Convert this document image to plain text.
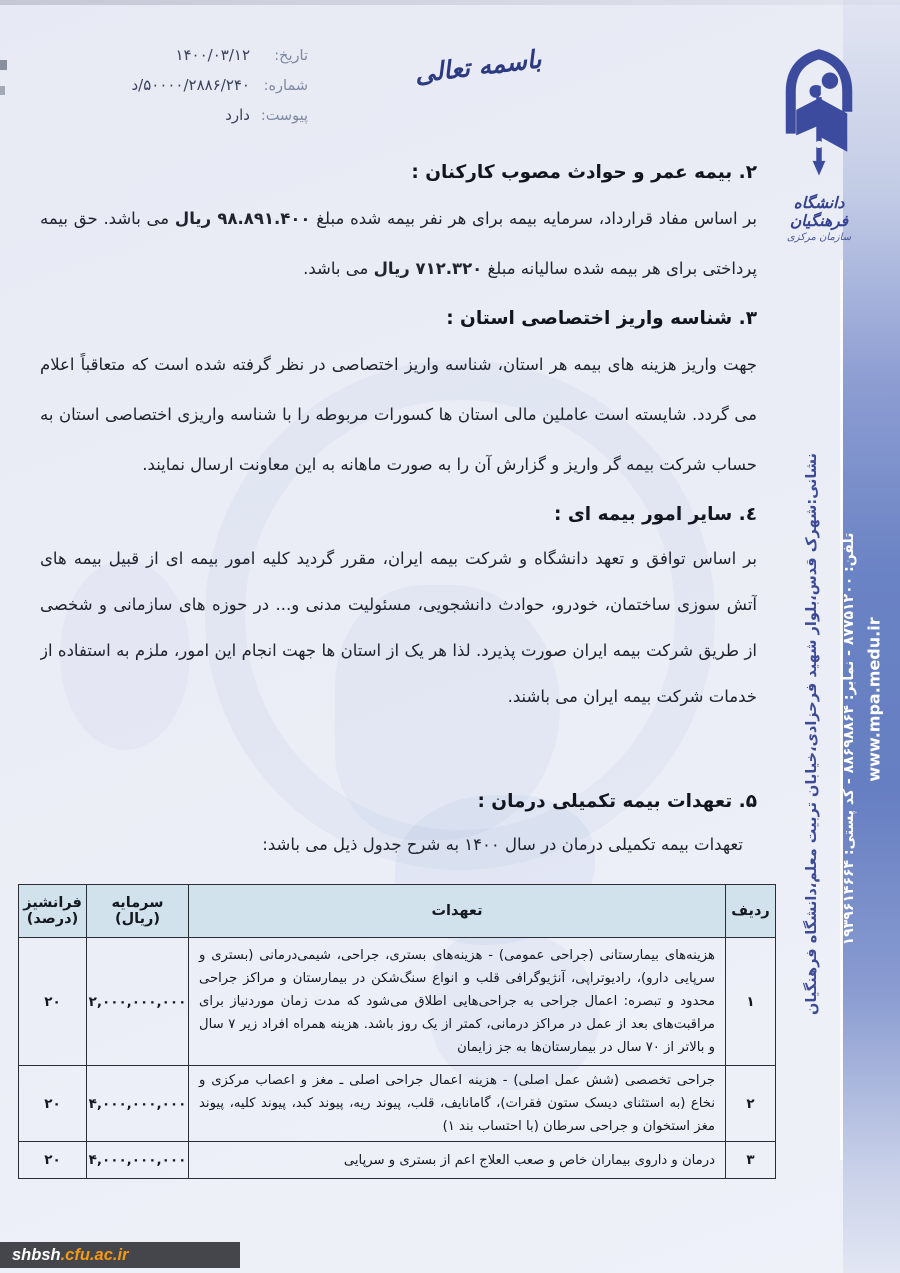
باسمه تعالی
تاریخ:
۱۴۰۰/۰۳/۱۲
شماره:
۵۰۰۰۰/۲۸۸۶/۲۴۰/د
پیوست:
دارد
دانشگاه فرهنگیان
سازمان مرکزی
۲. بیمه عمر و حوادث مصوب کارکنان :

بر اساس مفاد قرارداد، سرمایه بیمه برای هر نفر بیمه شده مبلغ ۹۸.۸۹۱.۴۰۰ ریال می باشد. حق بیمه پرداختی برای هر بیمه شده سالیانه مبلغ ۷۱۲.۳۲۰ ریال می باشد.

۳. شناسه واریز اختصاصی استان :

جهت واریز هزینه های بیمه هر استان، شناسه واریز اختصاصی در نظر گرفته شده است که متعاقباً اعلام می گردد. شایسته است عاملین مالی استان ها کسورات مربوطه را با شناسه واریزی اختصاصی استان به حساب شرکت بیمه گر واریز و گزارش آن را به صورت ماهانه به این معاونت ارسال نمایند.

٤. سایر امور بیمه ای :

بر اساس توافق و تعهد دانشگاه و شرکت بیمه ایران، مقرر گردید کلیه امور بیمه ای از قبیل بیمه های آتش سوزی ساختمان، خودرو، حوادث دانشجویی، مسئولیت مدنی و... در حوزه های سازمانی و شخصی از طریق شرکت بیمه ایران صورت پذیرد. لذا هر یک از استان ها جهت انجام این امور، ملزم به استفاده از خدمات شرکت بیمه ایران می باشند.

۵. تعهدات بیمه تکمیلی درمان :

تعهدات بیمه تکمیلی درمان در سال ۱۴۰۰ به شرح جدول ذیل می باشد:

ردیف	تعهدات	سرمایه (ریال)	فرانشیز (درصد)
۱	هزینه‌های بیمارستانی (جراحی عمومی) - هزینه‌های بستری، جراحی، شیمی‌درمانی (بستری و سرپایی دارو)، رادیوتراپی، آنژیوگرافی قلب و انواع سنگ‌شکن در بیمارستان و مراکز جراحی محدود و تبصره: اعمال جراحی به جراحی‌هایی اطلاق می‌شود که مدت زمان موردنیاز برای مراقبت‌های بعد از عمل در مراکز درمانی، کمتر از یک روز باشد. هزینه همراه افراد زیر ۷ سال و بالاتر از ۷۰ سال در بیمارستان‌ها به جز زایمان	۲,۰۰۰,۰۰۰,۰۰۰	۲۰
۲	جراحی تخصصی (شش عمل اصلی) - هزینه اعمال جراحی اصلی ـ مغز و اعصاب مرکزی و نخاع (به استثنای دیسک ستون فقرات)، گامانایف، قلب، پیوند ریه، پیوند کبد، پیوند کلیه، پیوند مغز استخوان و جراحی سرطان (با احتساب بند ۱)	۴,۰۰۰,۰۰۰,۰۰۰	۲۰
۳	درمان و داروی بیماران خاص و صعب العلاج اعم از بستری و سرپایی	۴,۰۰۰,۰۰۰,۰۰۰	۲۰
نشانی:شهرک قدس،بلوار شهید فرحزادی،خیابان تربیت معلم،دانشگاه فرهنگیان تلفن: ۸۷۷۵۱۲۰۰ - نمابر: ۸۸۶۹۸۸۶۴ - کد پستی: ۱۹۳۹۶۱۴۶۶۴
www.mpa.medu.ir
shbsh.cfu.ac.ir
